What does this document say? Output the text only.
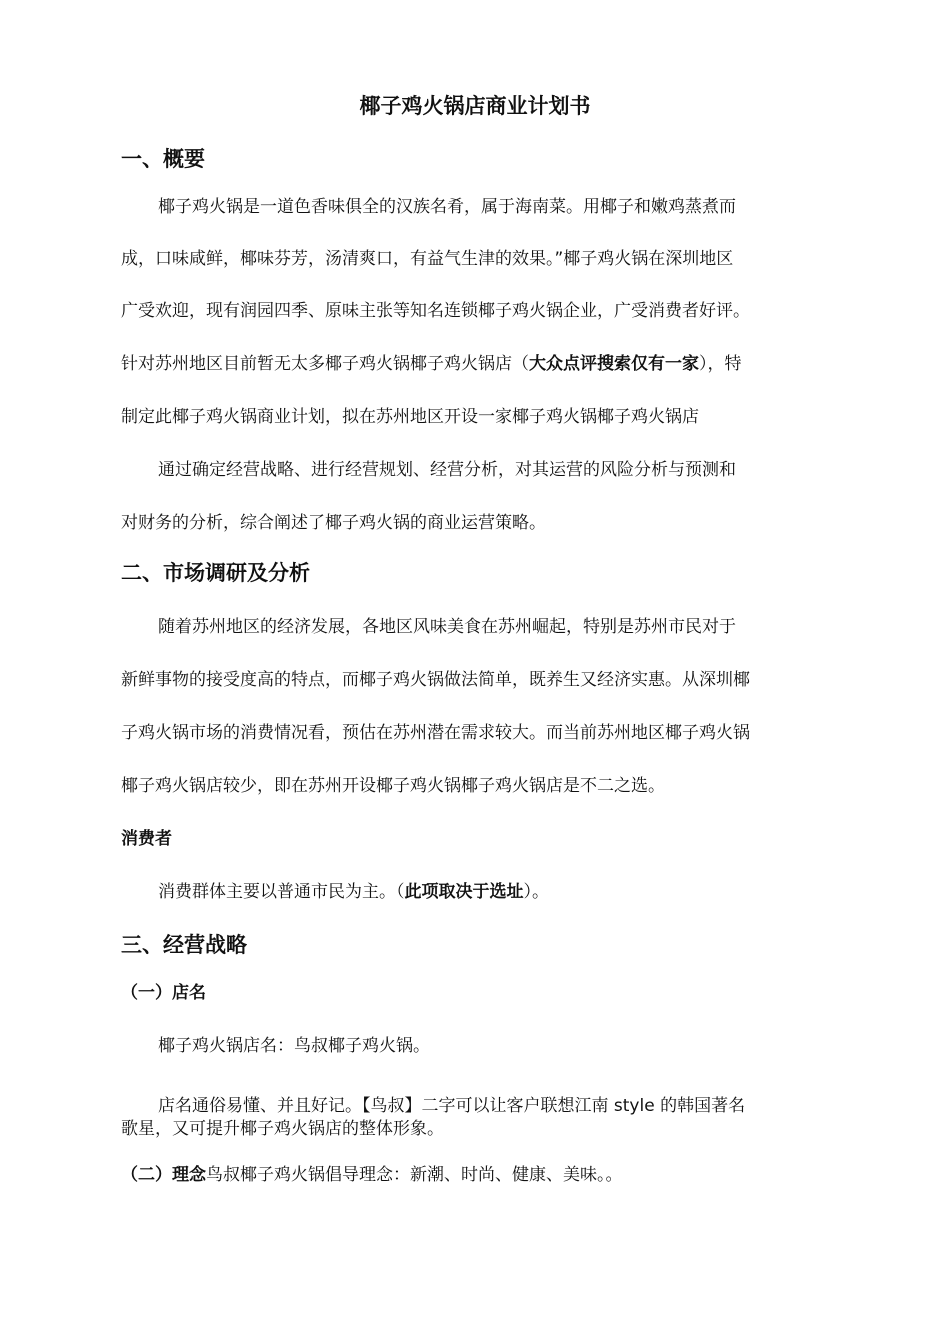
椰子鸡火锅店商业计划书
一、概要
椰子鸡火锅是一道色香味俱全的汉族名肴，属于海南菜。用椰子和嫩鸡蒸煮而
成，口味咸鲜，椰味芬芳，汤清爽口，有益气生津的效果。”椰子鸡火锅在深圳地区
广受欢迎，现有润园四季、原味主张等知名连锁椰子鸡火锅企业，广受消费者好评。
针对苏州地区目前暂无太多椰子鸡火锅椰子鸡火锅店（大众点评搜索仅有一家），特
制定此椰子鸡火锅商业计划，拟在苏州地区开设一家椰子鸡火锅椰子鸡火锅店
通过确定经营战略、进行经营规划、经营分析，对其运营的风险分析与预测和
对财务的分析，综合阐述了椰子鸡火锅的商业运营策略。
二、市场调研及分析
随着苏州地区的经济发展，各地区风味美食在苏州崛起，特别是苏州市民对于
新鲜事物的接受度高的特点，而椰子鸡火锅做法简单，既养生又经济实惠。从深圳椰
子鸡火锅市场的消费情况看，预估在苏州潜在需求较大。而当前苏州地区椰子鸡火锅
椰子鸡火锅店较少，即在苏州开设椰子鸡火锅椰子鸡火锅店是不二之选。
消费者
消费群体主要以普通市民为主。（此项取决于选址）。
三、经营战略
（一）店名
椰子鸡火锅店名：鸟叔椰子鸡火锅。
店名通俗易懂、并且好记。【鸟叔】二字可以让客户联想江南 style 的韩国著名
歌星，又可提升椰子鸡火锅店的整体形象。
（二）理念鸟叔椰子鸡火锅倡导理念：新潮、时尚、健康、美味。。
